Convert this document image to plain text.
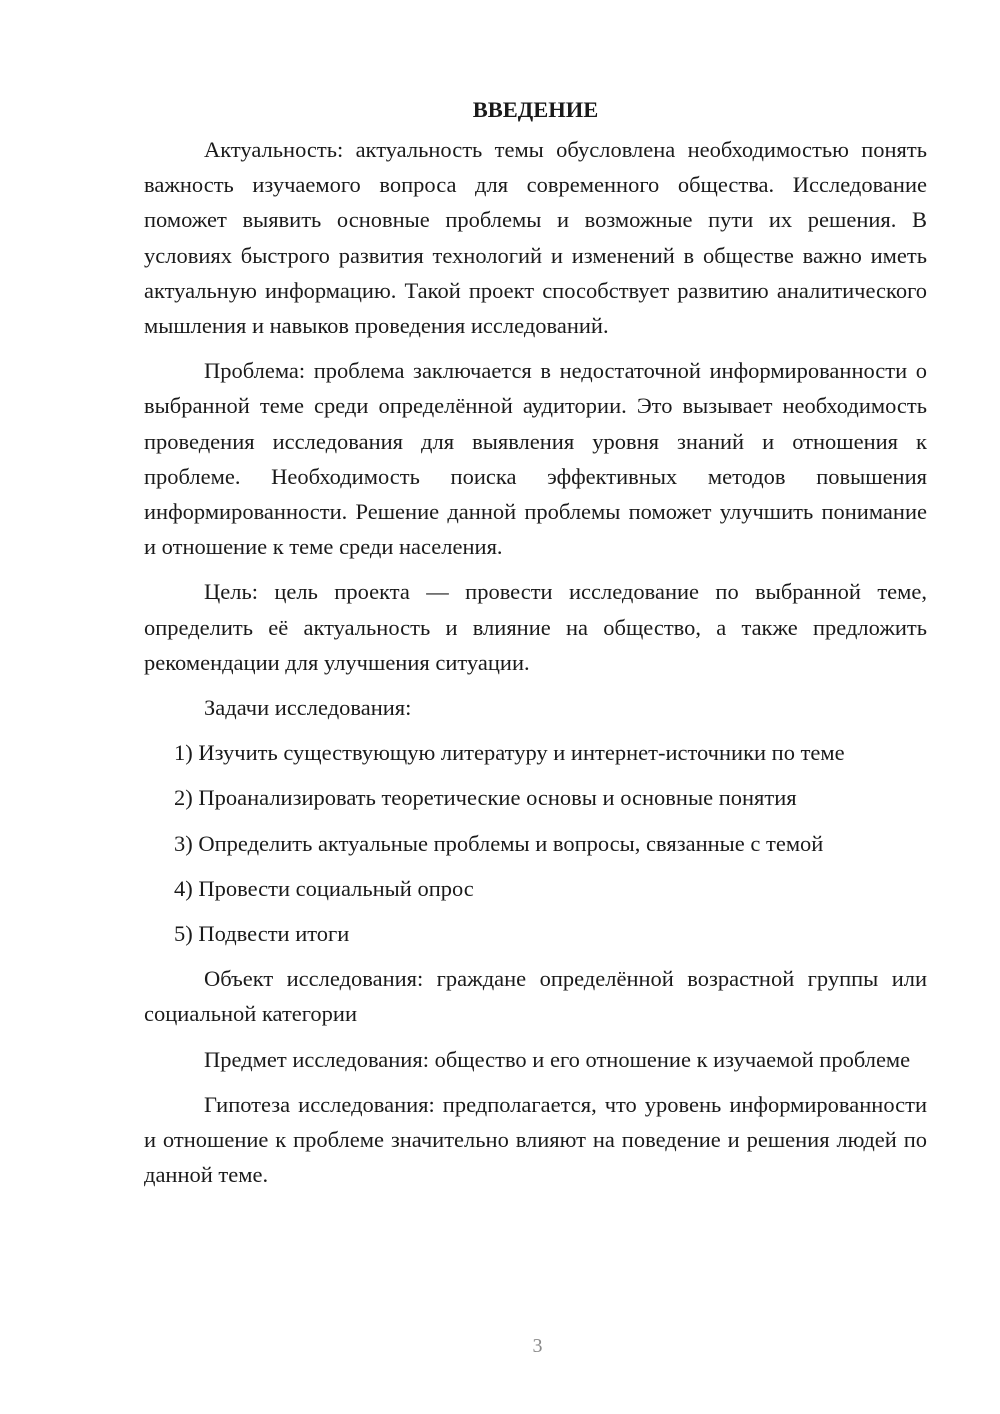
ВВЕДЕНИЕ

Актуальность: актуальность темы обусловлена необходимостью понять важность изучаемого вопроса для современного общества. Исследование поможет выявить основные проблемы и возможные пути их решения. В условиях быстрого развития технологий и изменений в обществе важно иметь актуальную информацию. Такой проект способствует развитию аналитического мышления и навыков проведения исследований.

Проблема: проблема заключается в недостаточной информированности о выбранной теме среди определённой аудитории. Это вызывает необходимость проведения исследования для выявления уровня знаний и отношения к проблеме. Необходимость поиска эффективных методов повышения информированности. Решение данной проблемы поможет улучшить понимание и отношение к теме среди населения.

Цель: цель проекта — провести исследование по выбранной теме, определить её актуальность и влияние на общество, а также предложить рекомендации для улучшения ситуации.

Задачи исследования:

1) Изучить существующую литературу и интернет-источники по теме
2) Проанализировать теоретические основы и основные понятия
3) Определить актуальные проблемы и вопросы, связанные с темой
4) Провести социальный опрос
5) Подвести итоги

Объект исследования: граждане определённой возрастной группы или социальной категории

Предмет исследования: общество и его отношение к изучаемой проблеме

Гипотеза исследования: предполагается, что уровень информированности и отношение к проблеме значительно влияют на поведение и решения людей по данной теме.

3
